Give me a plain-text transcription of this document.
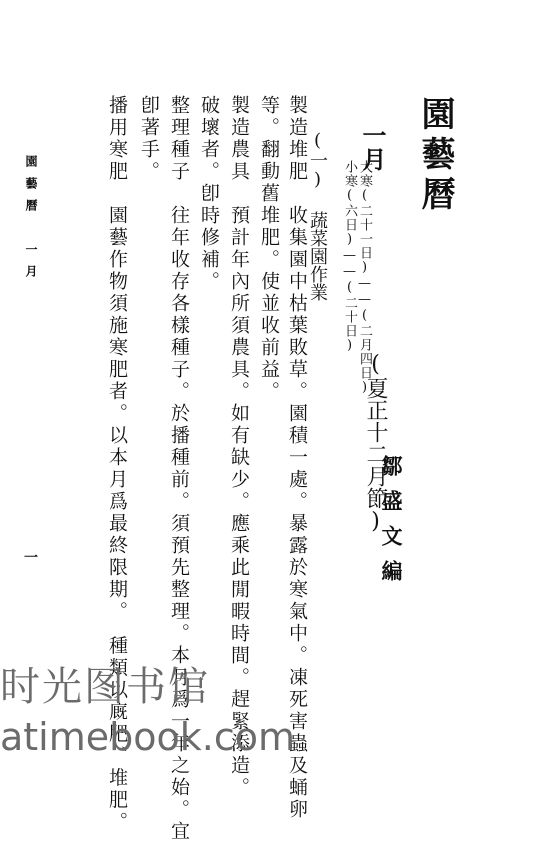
園藝曆
鄒盛文編
一月
小寒(六日)——(二十日) 大寒(二十一日)——(二月四日)
(夏正十二月節)
(一) 蔬菜園作業
製造堆肥　收集園中枯葉敗草。園積一處。暴露於寒氣中。凍死害蟲及蛹卵
等。翻動舊堆肥。使並收前益。
製造農具　預計年內所須農具。如有缺少。應乘此閒暇時間。趕緊添造。
破壞者。卽時修補。
整理種子　往年收存各樣種子。於播種前。須預先整理。本月爲一年之始。宜
卽著手。
播用寒肥　園藝作物須施寒肥者。以本月爲最終限期。　種類以廐肥、堆肥。
園藝曆　一月
一
时光图书馆
atimebook.com
